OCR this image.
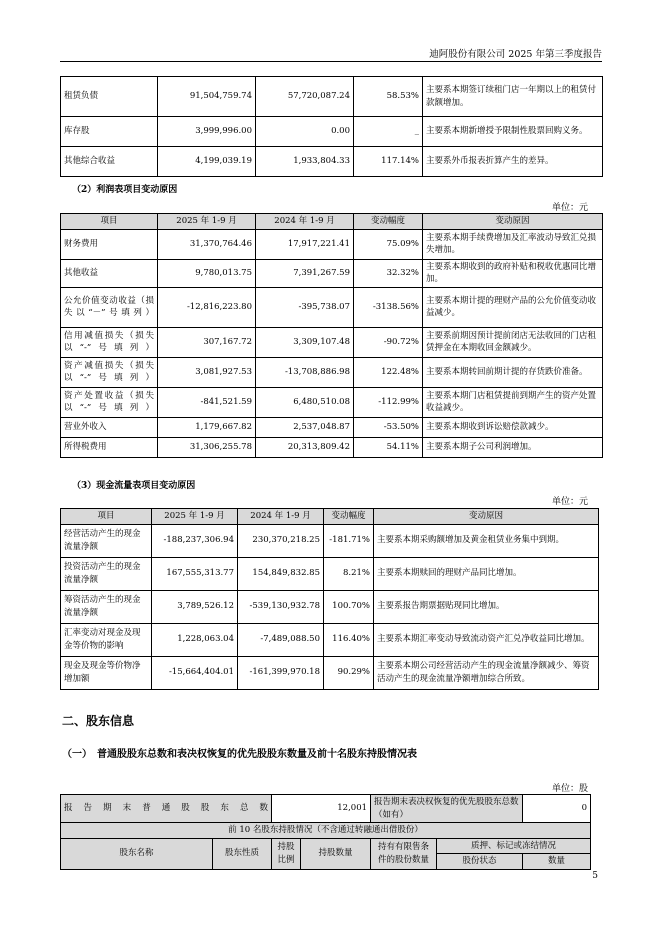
迪阿股份有限公司 2025 年第三季度报告
租赁负债	91,504,759.74	57,720,087.24	58.53%	主要系本期签订续租门店一年期以上的租赁付款额增加。
库存股	3,999,996.00	0.00	_	主要系本期新增授予限制性股票回购义务。
其他综合收益	4,199,039.19	1,933,804.33	117.14%	主要系外币报表折算产生的差异。
（2）利润表项目变动原因
单位：元
项目	2025 年 1-9 月	2024 年 1-9 月	变动幅度	变动原因
财务费用	31,370,764.46	17,917,221.41	75.09%	主要系本期手续费增加及汇率波动导致汇兑损失增加。
其他收益	9,780,013.75	7,391,267.59	32.32%	主要系本期收到的政府补贴和税收优惠同比增加。
公允价值变动收益（损失以“－”号填列）	-12,816,223.80	-395,738.07	-3138.56%	主要系本期计提的理财产品的公允价值变动收益减少。
信用减值损失（损失以“-”号填列）	307,167.72	3,309,107.48	-90.72%	主要系前期因预计提前闭店无法收回的门店租赁押金在本期收回金额减少。
资产减值损失（损失以“-”号填列）	3,081,927.53	-13,708,886.98	122.48%	主要系本期转回前期计提的存货跌价准备。
资产处置收益（损失以“-”号填列）	-841,521.59	6,480,510.08	-112.99%	主要系本期门店租赁提前到期产生的资产处置收益减少。
营业外收入	1,179,667.82	2,537,048.87	-53.50%	主要系本期收到诉讼赔偿款减少。
所得税费用	31,306,255.78	20,313,809.42	54.11%	主要系本期子公司利润增加。
（3）现金流量表项目变动原因
单位：元
项目	2025 年 1-9 月	2024 年 1-9 月	变动幅度	变动原因
经营活动产生的现金流量净额	-188,237,306.94	230,370,218.25	-181.71%	主要系本期采购额增加及黄金租赁业务集中到期。
投资活动产生的现金流量净额	167,555,313.77	154,849,832.85	8.21%	主要系本期赎回的理财产品同比增加。
筹资活动产生的现金流量净额	3,789,526.12	-539,130,932.78	100.70%	主要系报告期票据贴现同比增加。
汇率变动对现金及现金等价物的影响	1,228,063.04	-7,489,088.50	116.40%	主要系本期汇率变动导致流动资产汇兑净收益同比增加。
现金及现金等价物净增加额	-15,664,404.01	-161,399,970.18	90.29%	主要系本期公司经营活动产生的现金流量净额减少、筹资活动产生的现金流量净额增加综合所致。
二、股东信息
（一）　普通股股东总数和表决权恢复的优先股股东数量及前十名股东持股情况表
单位：股
报告期末普通股股东总数		12,001		报告期末表决权恢复的优先股股东总数（如有）		0
前 10 名股东持股情况（不含通过转融通出借股份）						
股东名称	股东性质	持股比例	持股数量	持有有限售条件的股份数量	质押、标记或冻结情况	
					股份状态	数量
5
